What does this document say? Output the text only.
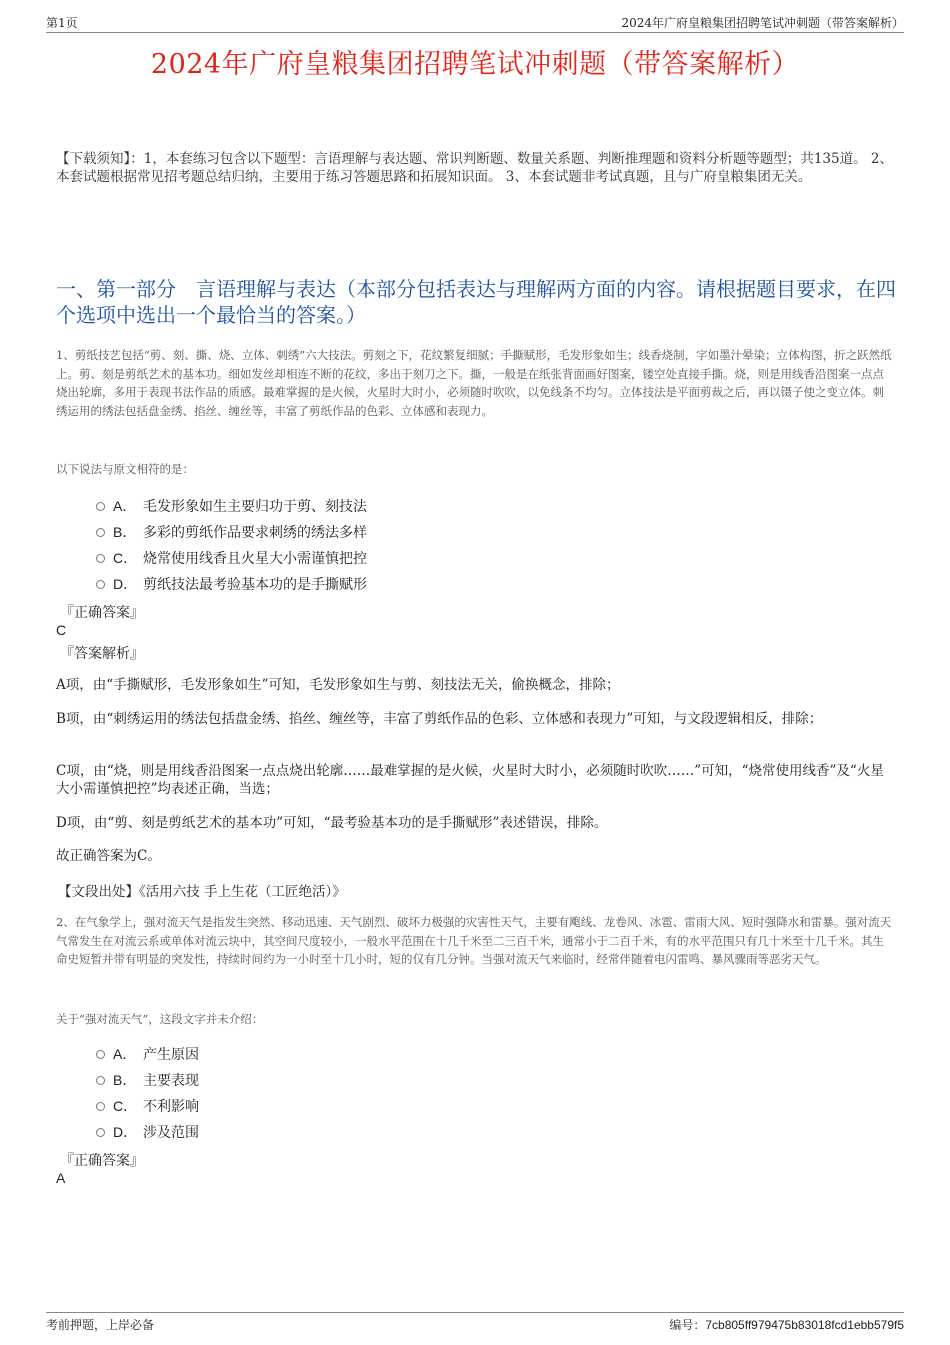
第1页	2024年广府皇粮集团招聘笔试冲刺题（带答案解析）
2024年广府皇粮集团招聘笔试冲刺题（带答案解析）
【下载须知】：1，本套练习包含以下题型：言语理解与表达题、常识判断题、数量关系题、判断推理题和资料分析题等题型；共135道。 2、本套试题根据常见招考题总结归纳，主要用于练习答题思路和拓展知识面。 3、本套试题非考试真题，且与广府皇粮集团无关。
一、第一部分　言语理解与表达（本部分包括表达与理解两方面的内容。请根据题目要求，在四个选项中选出一个最恰当的答案。）
1、剪纸技艺包括“剪、刻、撕、烧、立体、刺绣”六大技法。剪刻之下，花纹繁复细腻；手撕赋形，毛发形象如生；线香烧制，字如墨汁晕染；立体构图，折之跃然纸上。剪、刻是剪纸艺术的基本功。细如发丝却相连不断的花纹，多出于刻刀之下。撕，一般是在纸张背面画好图案，镂空处直接手撕。烧，则是用线香沿图案一点点烧出轮廓，多用于表现书法作品的质感。最难掌握的是火候，火星时大时小，必须随时吹吹，以免线条不均匀。立体技法是平面剪裁之后，再以镊子使之变立体。刺绣运用的绣法包括盘金绣、掐丝、缠丝等，丰富了剪纸作品的色彩、立体感和表现力。
以下说法与原文相符的是：
A． 毛发形象如生主要归功于剪、刻技法
B． 多彩的剪纸作品要求刺绣的绣法多样
C． 烧常使用线香且火星大小需谨慎把控
D． 剪纸技法最考验基本功的是手撕赋形
『正确答案』
C
『答案解析』
A项，由“手撕赋形，毛发形象如生”可知，毛发形象如生与剪、刻技法无关，偷换概念，排除；
B项，由“刺绣运用的绣法包括盘金绣、掐丝、缠丝等，丰富了剪纸作品的色彩、立体感和表现力”可知，与文段逻辑相反，排除；
C项，由“烧，则是用线香沿图案一点点烧出轮廓……最难掌握的是火候，火星时大时小，必须随时吹吹……”可知，“烧常使用线香”及“火星大小需谨慎把控”均表述正确，当选；
D项，由“剪、刻是剪纸艺术的基本功”可知，“最考验基本功的是手撕赋形”表述错误，排除。
故正确答案为C。
【文段出处】《活用六技 手上生花（工匠绝活）》
2、在气象学上，强对流天气是指发生突然、移动迅速、天气剧烈、破坏力极强的灾害性天气，主要有飑线、龙卷风、冰雹、雷雨大风、短时强降水和雷暴。强对流天气常发生在对流云系或单体对流云块中，其空间尺度较小，一般水平范围在十几千米至二三百千米，通常小于二百千米，有的水平范围只有几十米至十几千米。其生命史短暂并带有明显的突发性，持续时间约为一小时至十几小时，短的仅有几分钟。当强对流天气来临时，经常伴随着电闪雷鸣、暴风骤雨等恶劣天气。
关于“强对流天气”，这段文字并未介绍：
A． 产生原因
B． 主要表现
C． 不利影响
D． 涉及范围
『正确答案』
A
考前押题，上岸必备	编号：7cb805ff979475b83018fcd1ebb579f5
